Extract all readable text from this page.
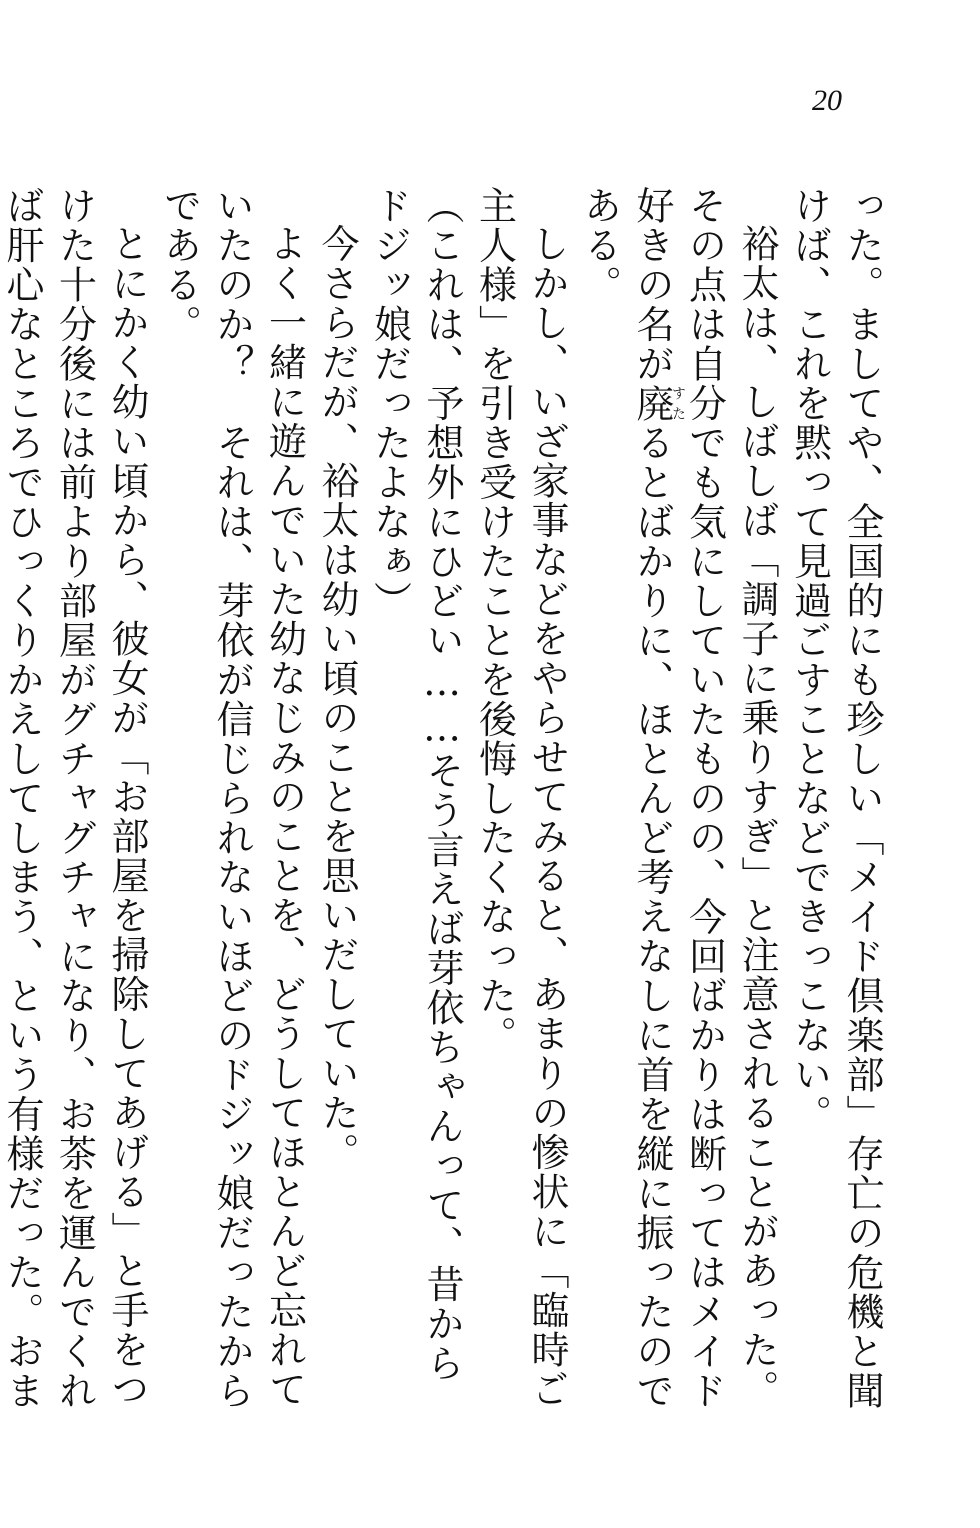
20

った。ましてや、全国的にも珍しい「メイド倶楽部」存亡の危機と聞けば、これを黙って見過ごすことなどできっこない。

裕太は、しばしば「調子に乗りすぎ」と注意されることがあった。その点は自分でも気にしていたものの、今回ばかりは断ってはメイド好きの名が廃すたるとばかりに、ほとんど考えなしに首を縦に振ったのである。

しかし、いざ家事などをやらせてみると、あまりの惨状に「臨時ご主人様」を引き受けたことを後悔したくなった。

（これは、予想外にひどい……そう言えば芽依ちゃんって、昔からドジッ娘だったよなぁ）

今さらだが、裕太は幼い頃のことを思いだしていた。

よく一緒に遊んでいた幼なじみのことを、どうしてほとんど忘れていたのか？　それは、芽依が信じられないほどのドジッ娘だったからである。

とにかく幼い頃から、彼女が「お部屋を掃除してあげる」と手をつけた十分後には前より部屋がグチャグチャになり、お茶を運んでくれば肝心なところでひっくりかえしてしまう、という有様だった。おま
